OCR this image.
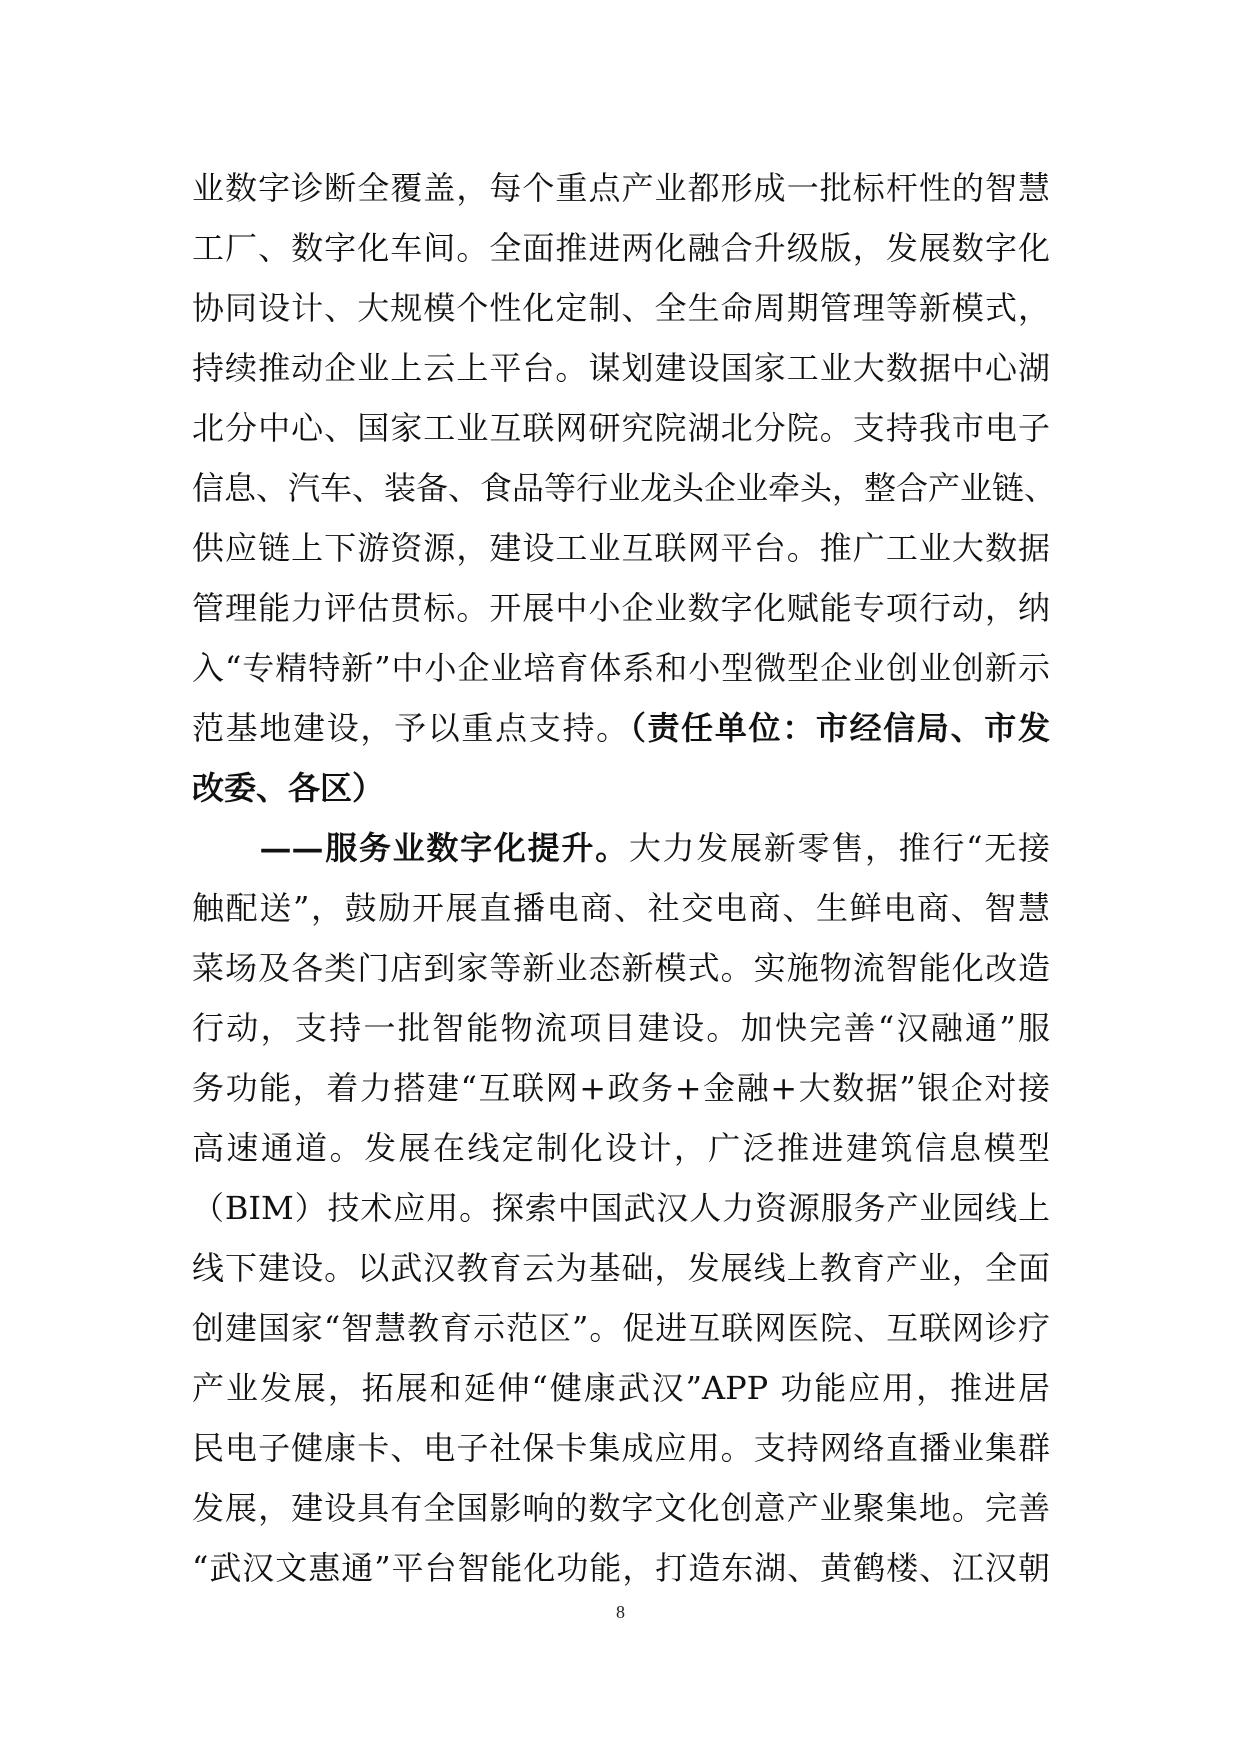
业数字诊断全覆盖，每个重点产业都形成一批标杆性的智慧
工厂、数字化车间。全面推进两化融合升级版，发展数字化
协同设计、大规模个性化定制、全生命周期管理等新模式，
持续推动企业上云上平台。谋划建设国家工业大数据中心湖
北分中心、国家工业互联网研究院湖北分院。支持我市电子
信息、汽车、装备、食品等行业龙头企业牵头，整合产业链、
供应链上下游资源，建设工业互联网平台。推广工业大数据
管理能力评估贯标。开展中小企业数字化赋能专项行动，纳
入“专精特新”中小企业培育体系和小型微型企业创业创新示
范基地建设，予以重点支持。（责任单位：市经信局、市发
改委、各区）
　　——服务业数字化提升。大力发展新零售，推行“无接
触配送”，鼓励开展直播电商、社交电商、生鲜电商、智慧
菜场及各类门店到家等新业态新模式。实施物流智能化改造
行动，支持一批智能物流项目建设。加快完善“汉融通”服
务功能，着力搭建“互联网+政务+金融+大数据”银企对接
高速通道。发展在线定制化设计，广泛推进建筑信息模型
（BIM）技术应用。探索中国武汉人力资源服务产业园线上
线下建设。以武汉教育云为基础，发展线上教育产业，全面
创建国家“智慧教育示范区”。促进互联网医院、互联网诊疗
产业发展，拓展和延伸“健康武汉”APP 功能应用，推进居
民电子健康卡、电子社保卡集成应用。支持网络直播业集群
发展，建设具有全国影响的数字文化创意产业聚集地。完善
“武汉文惠通”平台智能化功能，打造东湖、黄鹤楼、江汉朝
8
